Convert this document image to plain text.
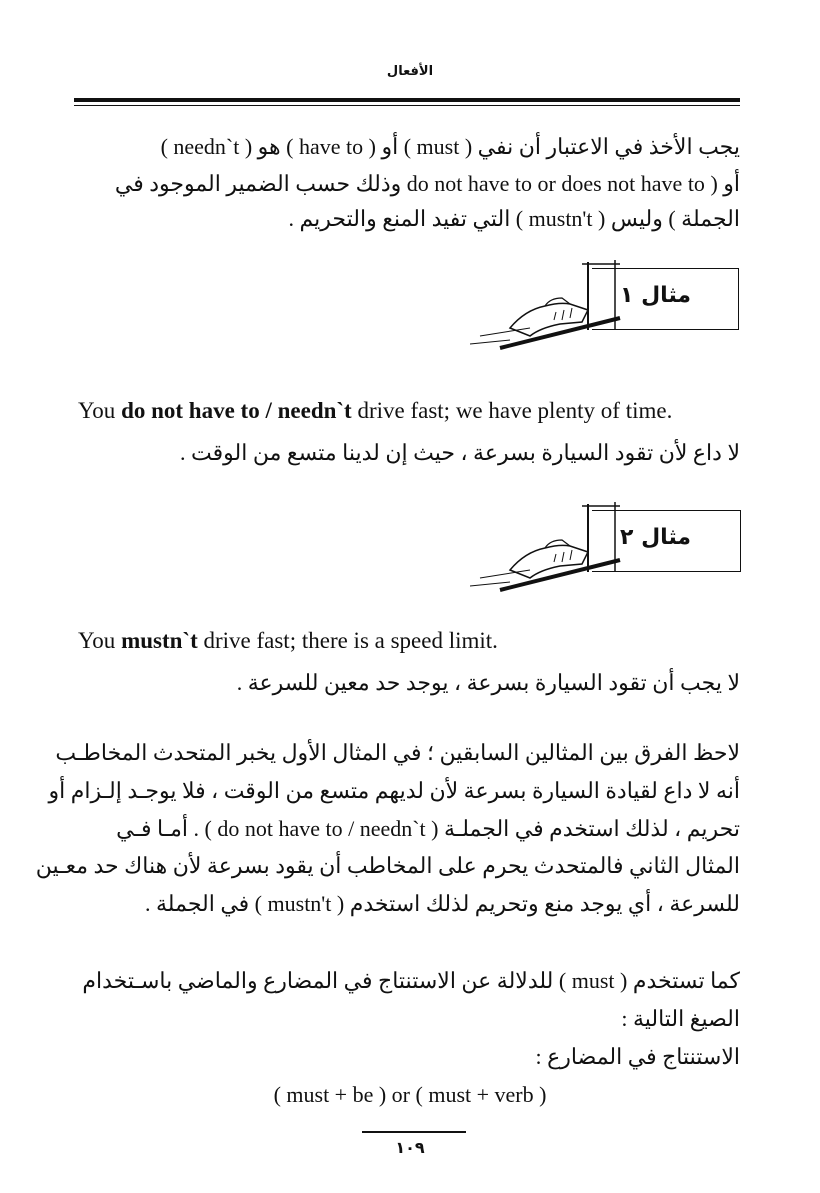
الأفعال
يجب الأخذ في الاعتبار أن نفي ( must ) أو ( have to ) هو ( needn`t )
أو ( do not have to or does not have to وذلك حسب الضمير الموجود في
الجملة ) وليس ( mustn't ) التي تفيد المنع والتحريم .
مثال ١
You do not have to / needn`t drive fast; we have plenty of time.
لا داع لأن تقود السيارة بسرعة ، حيث إن لدينا متسع من الوقت .
مثال ٢
You mustn`t drive fast; there is a speed limit.
لا يجب أن تقود السيارة بسرعة ، يوجد حد معين للسرعة .
لاحظ الفرق بين المثالين السابقين ؛ في المثال الأول يخبر المتحدث المخاطـب
أنه لا داع لقيادة السيارة بسرعة لأن لديهم متسع من الوقت ، فلا يوجـد إلـزام أو
تحريم ، لذلك استخدم في الجملـة ( do not have to / needn`t ) . أمـا فـي
المثال الثاني فالمتحدث يحرم على المخاطب أن يقود بسرعة لأن هناك حد معـين
للسرعة ، أي يوجد منع وتحريم لذلك استخدم ( mustn't ) في الجملة .
كما تستخدم ( must ) للدلالة عن الاستنتاج في المضارع والماضي باسـتخدام
الصيغ التالية :
الاستنتاج في المضارع :
( must + be ) or ( must + verb )
١٠٩
